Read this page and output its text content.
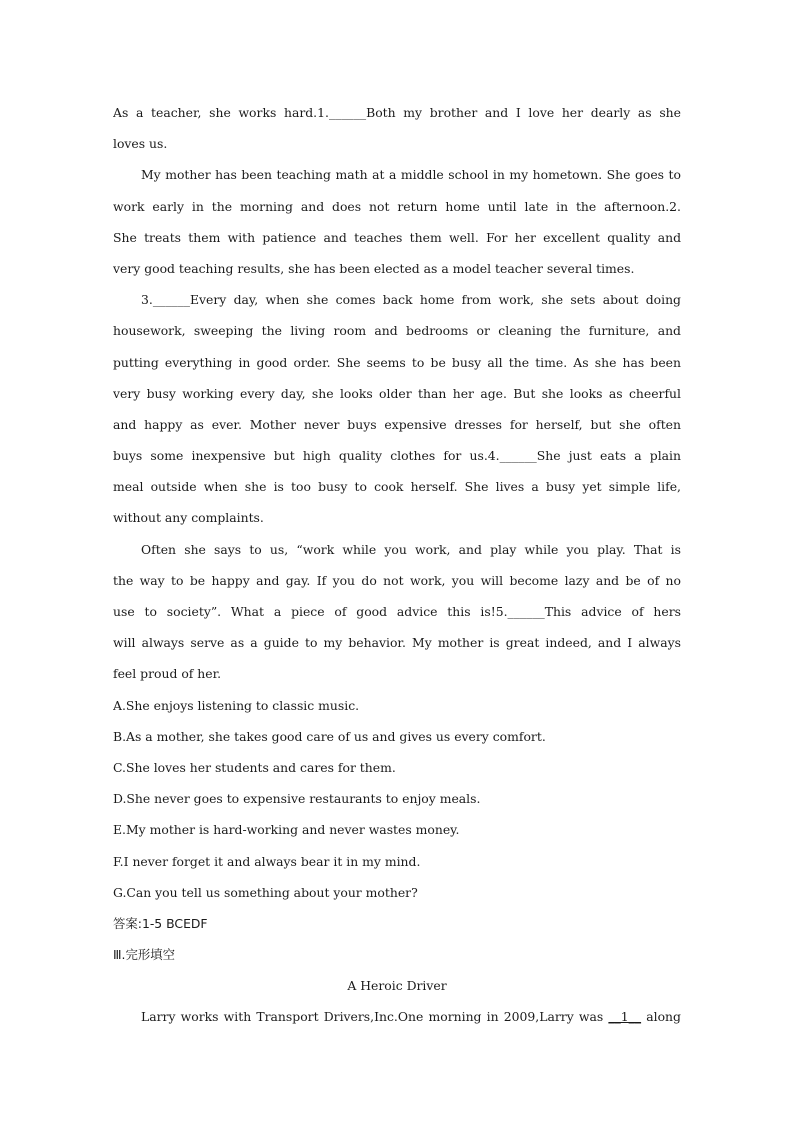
As a teacher, she works hard.1.______Both my brother and I love her dearly as she
loves us.
My mother has been teaching math at a middle school in my hometown. She goes to
work early in the morning and does not return home until late in the afternoon.2.
She treats them with patience and teaches them well. For her excellent quality and
very good teaching results, she has been elected as a model teacher several times.
3.______Every day, when she comes back home from work, she sets about doing
housework, sweeping the living room and bedrooms or cleaning the furniture, and
putting everything in good order. She seems to be busy all the time. As she has been
very busy working every day, she looks older than her age. But she looks as cheerful
and happy as ever. Mother never buys expensive dresses for herself, but she often
buys some inexpensive but high quality clothes for us.4.______She just eats a plain
meal outside when she is too busy to cook herself. She lives a busy yet simple life,
without any complaints.
Often she says to us, “work while you work, and play while you play. That is
the way to be happy and gay. If you do not work, you will become lazy and be of no
use to society”. What a piece of good advice this is!5.______This advice of hers
will always serve as a guide to my behavior. My mother is great indeed, and I always
feel proud of her.
A.She enjoys listening to classic music.
B.As a mother, she takes good care of us and gives us every comfort.
C.She loves her students and cares for them.
D.She never goes to expensive restaurants to enjoy meals.
E.My mother is hard-working and never wastes money.
F.I never forget it and always bear it in my mind.
G.Can you tell us something about your mother?
答案:1-5 BCEDF
Ⅲ.完形填空
A Heroic Driver
Larry works with Transport Drivers,Inc.One morning in 2009,Larry was __1__ along
